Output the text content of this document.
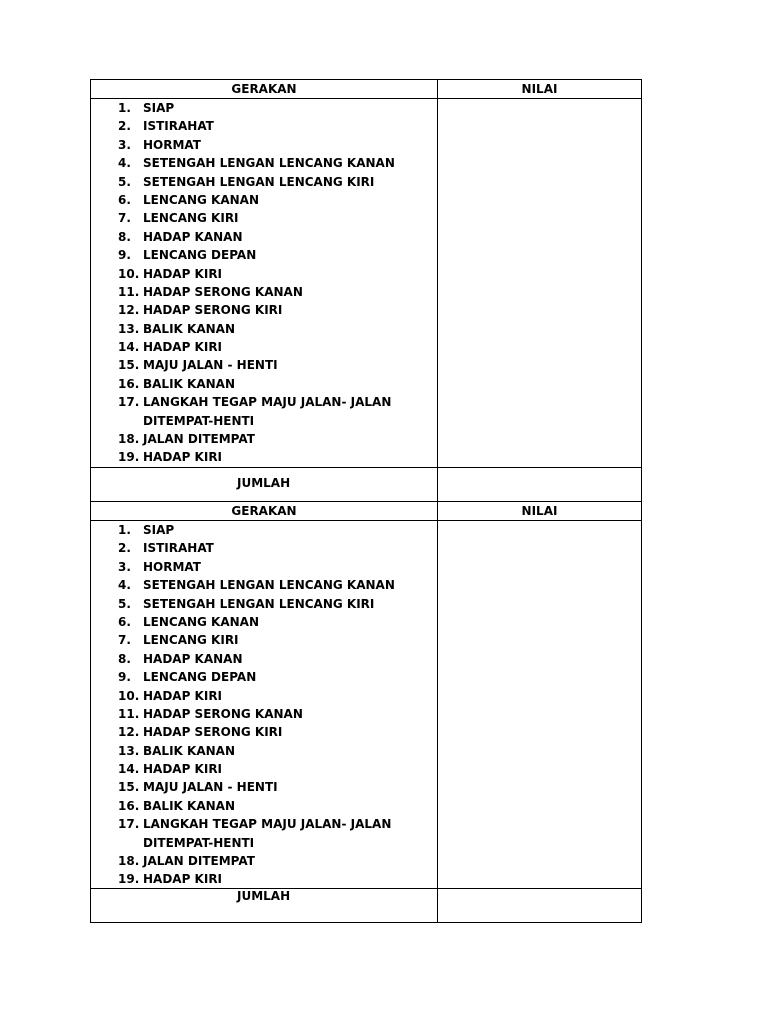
GERAKAN	NILAI
1. SIAP
2. ISTIRAHAT
3. HORMAT
4. SETENGAH LENGAN LENCANG KANAN
5. SETENGAH LENGAN LENCANG KIRI
6. LENCANG KANAN
7. LENCANG KIRI
8. HADAP KANAN
9. LENCANG DEPAN
10. HADAP KIRI
11. HADAP SERONG KANAN
12. HADAP SERONG KIRI
13. BALIK KANAN
14. HADAP KIRI
15. MAJU JALAN - HENTI
16. BALIK KANAN
17. LANGKAH TEGAP MAJU JALAN- JALAN
DITEMPAT-HENTI
18. JALAN DITEMPAT
19. HADAP KIRI
JUMLAH
GERAKAN	NILAI
1. SIAP
2. ISTIRAHAT
3. HORMAT
4. SETENGAH LENGAN LENCANG KANAN
5. SETENGAH LENGAN LENCANG KIRI
6. LENCANG KANAN
7. LENCANG KIRI
8. HADAP KANAN
9. LENCANG DEPAN
10. HADAP KIRI
11. HADAP SERONG KANAN
12. HADAP SERONG KIRI
13. BALIK KANAN
14. HADAP KIRI
15. MAJU JALAN - HENTI
16. BALIK KANAN
17. LANGKAH TEGAP MAJU JALAN- JALAN
DITEMPAT-HENTI
18. JALAN DITEMPAT
19. HADAP KIRI
JUMLAH
